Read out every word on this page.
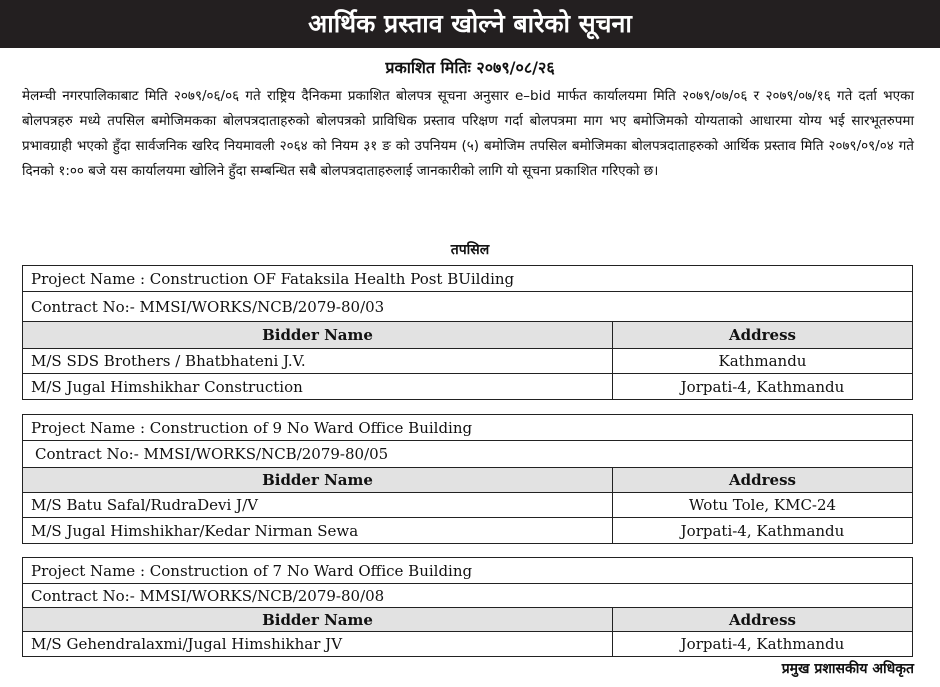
आर्थिक प्रस्ताव खोल्ने बारेको सूचना
प्रकाशित मितिः २०७९/०८/२६
मेलम्ची नगरपालिकाबाट मिति २०७९/०६/०६ गते राष्ट्रिय दैनिकमा प्रकाशित बोलपत्र सूचना अनुसार e–bid मार्फत कार्यालयमा मिति २०७९/०७/०६ र २०७९/०७/१६ गते दर्ता भएका बोलपत्रहरु मध्ये तपसिल बमोजिमकका बोलपत्रदाताहरुको बोलपत्रको प्राविधिक प्रस्ताव परिक्षण गर्दा बोलपत्रमा माग भए बमोजिमको योग्यताको आधारमा योग्य भई सारभूतरुपमा प्रभावग्राही भएको हुँदा सार्वजनिक खरिद नियमावली २०६४ को नियम ३१ ङ को उपनियम (५) बमोजिम तपसिल बमोजिमका बोलपत्रदाताहरुको आर्थिक प्रस्ताव मिति २०७९/०९/०४ गते दिनको १:०० बजे यस कार्यालयमा खोलिने हुँदा सम्बन्धित सबै बोलपत्रदाताहरुलाई जानकारीको लागि यो सूचना प्रकाशित गरिएको छ।
तपसिल
Project Name : Construction OF Fataksila Health Post BUilding
Contract No:- MMSI/WORKS/NCB/2079-80/03
Bidder Name	Address
M/S SDS Brothers / Bhatbhateni J.V.	Kathmandu
M/S Jugal Himshikhar Construction	Jorpati-4, Kathmandu
Project Name : Construction of 9 No Ward Office Building
Contract No:- MMSI/WORKS/NCB/2079-80/05
Bidder Name	Address
M/S Batu Safal/RudraDevi J/V	Wotu Tole, KMC-24
M/S Jugal Himshikhar/Kedar Nirman Sewa	Jorpati-4, Kathmandu
Project Name : Construction of 7 No Ward Office Building
Contract No:- MMSI/WORKS/NCB/2079-80/08
Bidder Name	Address
M/S Gehendralaxmi/Jugal Himshikhar JV	Jorpati-4, Kathmandu
प्रमुख प्रशासकीय अधिकृत
